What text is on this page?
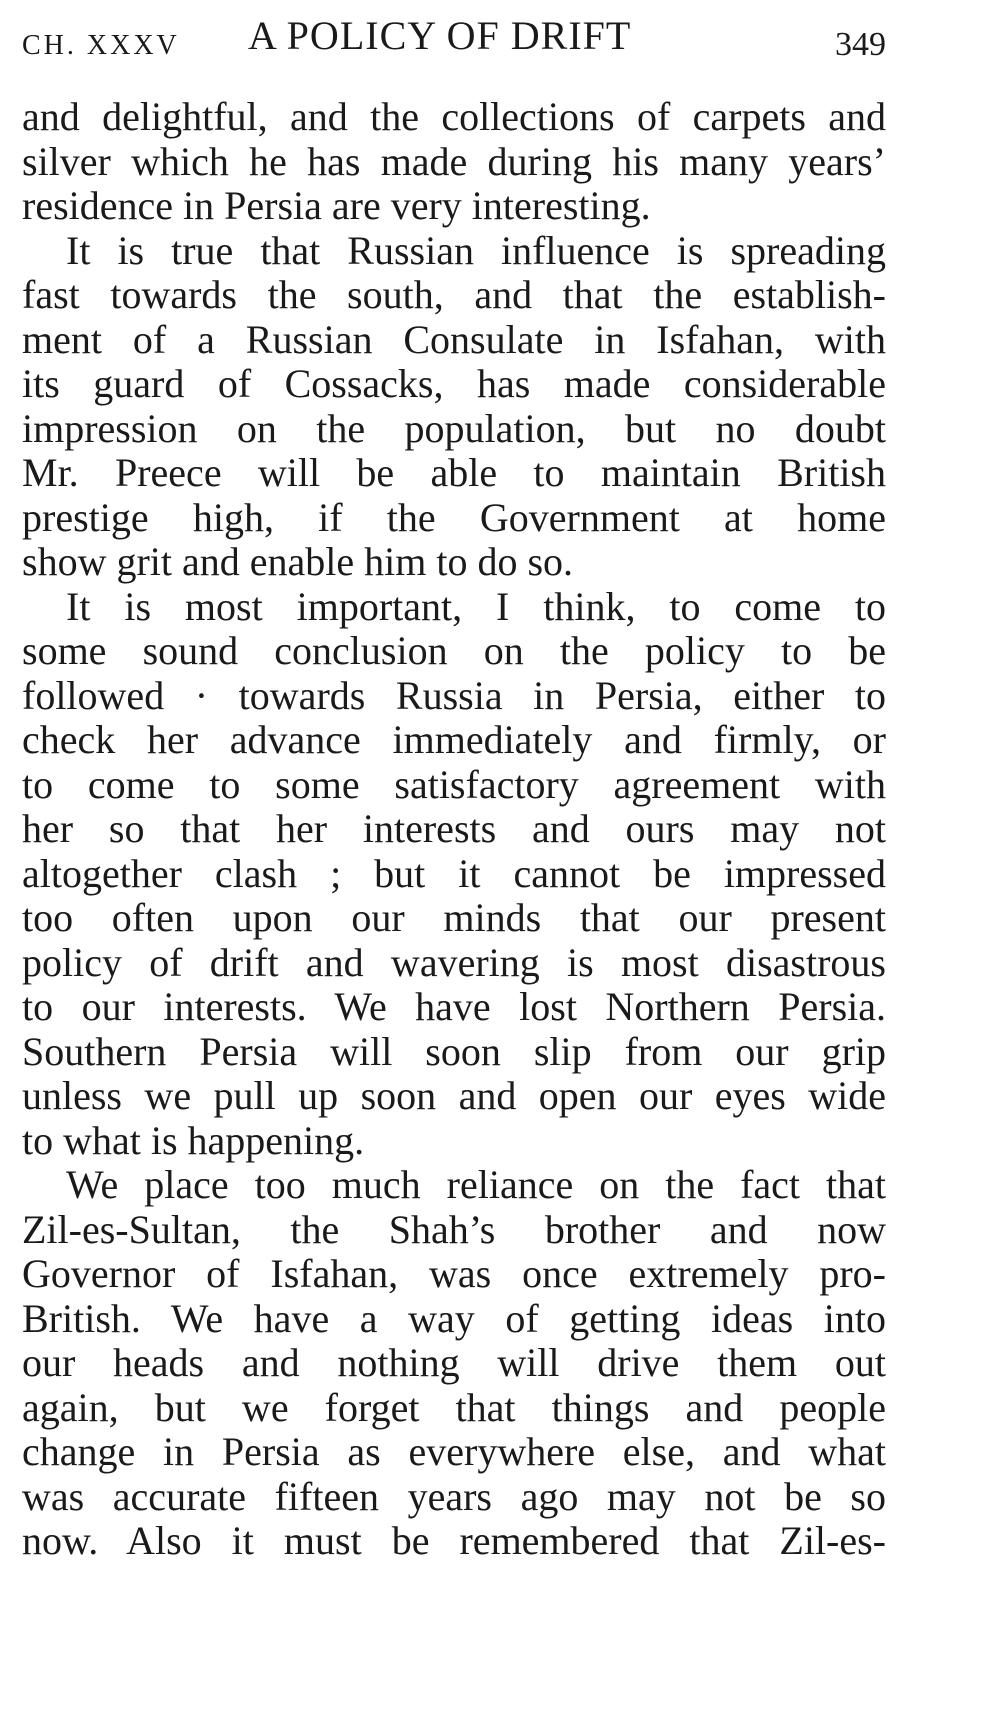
CH. XXXV A POLICY OF DRIFT	349

and delightful, and the collections of carpets and
silver which he has made during his many years’
residence in Persia are very interesting.

It is true that Russian influence is spreading
fast towards the south, and that the establish-
ment of a Russian Consulate in Isfahan, with
its guard of Cossacks, has made considerable
impression on the population, but no doubt
Mr. Preece will be able to maintain British
prestige high, if the Government at home
show grit and enable him to do so.

It is most important, I think, to come to
some sound conclusion on the policy to be
followed · towards Russia in Persia, either to
check her advance immediately and firmly, or
to come to some satisfactory agreement with
her so that her interests and ours may not
altogether clash ; but it cannot be impressed
too often upon our minds that our present
policy of drift and wavering is most disastrous
to our interests. We have lost Northern Persia.
Southern Persia will soon slip from our grip
unless we pull up soon and open our eyes wide
to what is happening.

We place too much reliance on the fact that
Zil-es-Sultan, the Shah’s brother and now
Governor of Isfahan, was once extremely pro-
British. We have a way of getting ideas into
our heads and nothing will drive them out
again, but we forget that things and people
change in Persia as everywhere else, and what
was accurate fifteen years ago may not be so
now. Also it must be remembered that Zil-es-
